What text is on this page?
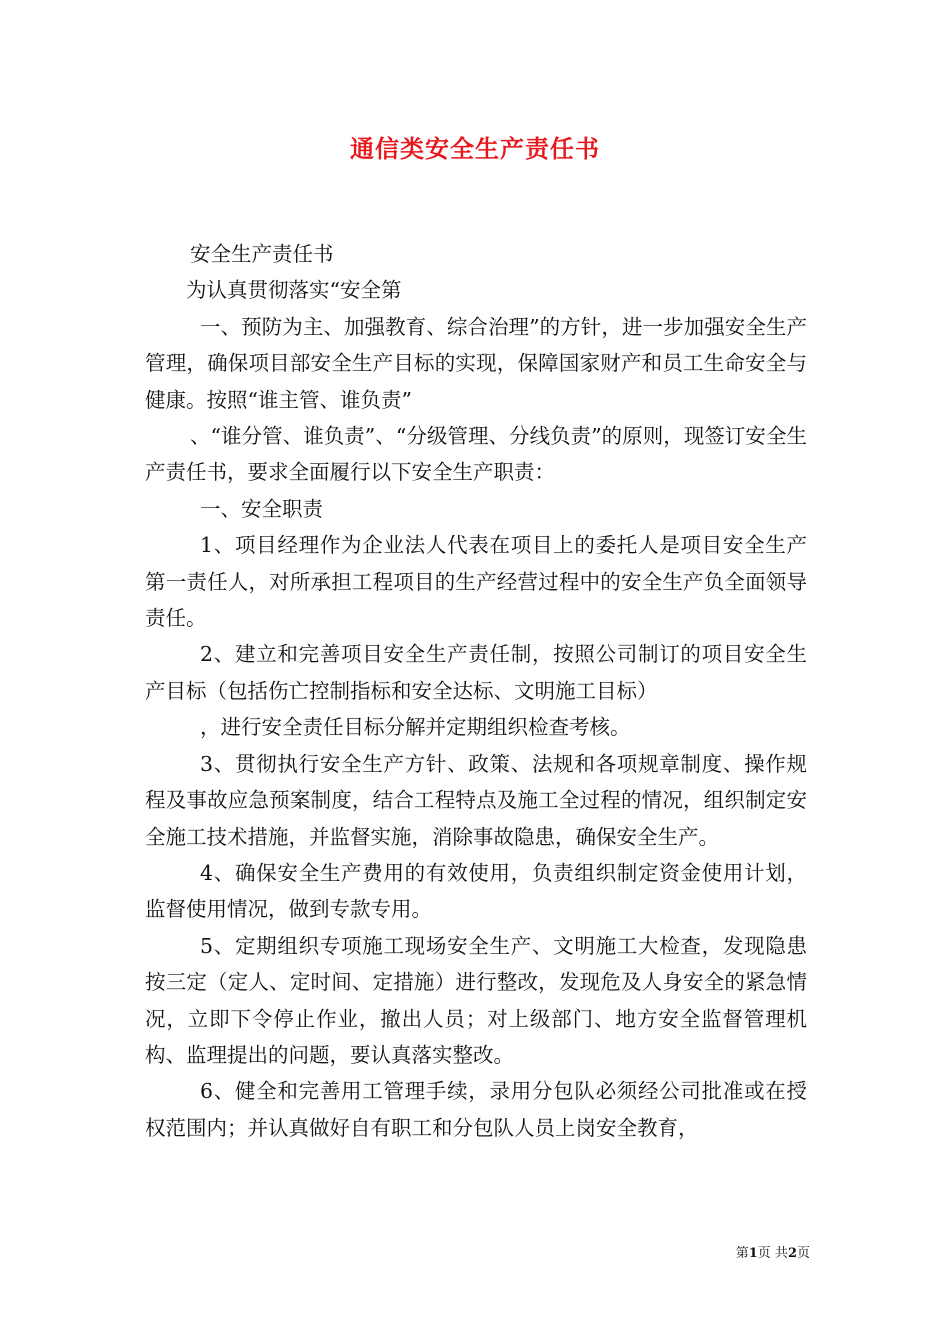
通信类安全生产责任书

安全生产责任书

为认真贯彻落实“安全第

一、预防为主、加强教育、综合治理”的方针，进一步加强安全生产管理，确保项目部安全生产目标的实现，保障国家财产和员工生命安全与健康。按照“谁主管、谁负责”

、“谁分管、谁负责”、“分级管理、分线负责”的原则，现签订安全生产责任书，要求全面履行以下安全生产职责：

一、安全职责

1、项目经理作为企业法人代表在项目上的委托人是项目安全生产第一责任人，对所承担工程项目的生产经营过程中的安全生产负全面领导责任。

2、建立和完善项目安全生产责任制，按照公司制订的项目安全生产目标（包括伤亡控制指标和安全达标、文明施工目标）

，进行安全责任目标分解并定期组织检查考核。

3、贯彻执行安全生产方针、政策、法规和各项规章制度、操作规程及事故应急预案制度，结合工程特点及施工全过程的情况，组织制定安全施工技术措施，并监督实施，消除事故隐患，确保安全生产。

4、确保安全生产费用的有效使用，负责组织制定资金使用计划，监督使用情况，做到专款专用。

5、定期组织专项施工现场安全生产、文明施工大检查，发现隐患按三定（定人、定时间、定措施）进行整改，发现危及人身安全的紧急情况，立即下令停止作业，撤出人员；对上级部门、地方安全监督管理机构、监理提出的问题，要认真落实整改。

6、健全和完善用工管理手续，录用分包队必须经公司批准或在授权范围内；并认真做好自有职工和分包队人员上岗安全教育，

第1页 共2页
